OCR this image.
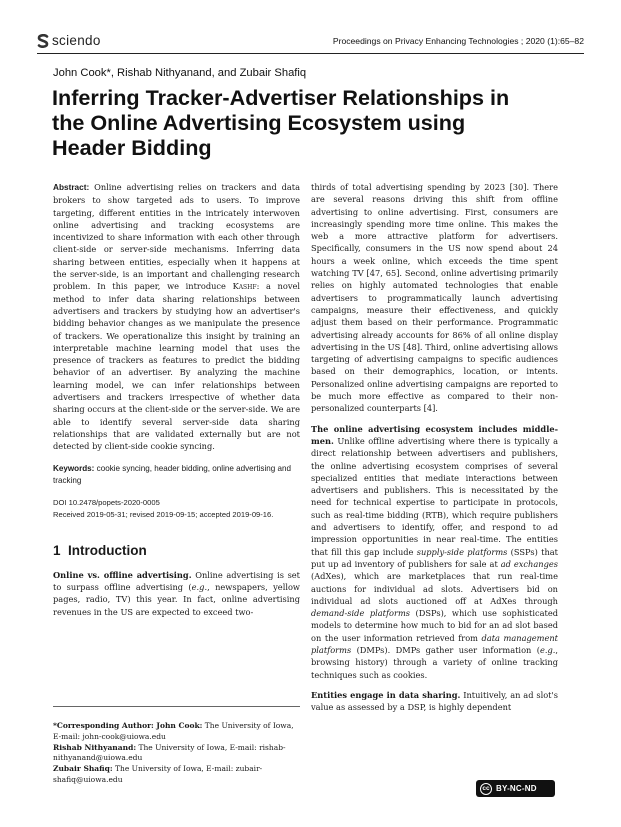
sciendo	Proceedings on Privacy Enhancing Technologies ; 2020 (1):65–82
John Cook*, Rishab Nithyanand, and Zubair Shafiq
Inferring Tracker-Advertiser Relationships in the Online Advertising Ecosystem using Header Bidding

Abstract: Online advertising relies on trackers and data brokers to show targeted ads to users. To improve targeting, different entities in the intricately interwoven online advertising and tracking ecosystems are incentivized to share information with each other through client-side or server-side mechanisms. Inferring data sharing between entities, especially when it happens at the server-side, is an important and challenging research problem. In this paper, we introduce Kashf: a novel method to infer data sharing relationships between advertisers and trackers by studying how an advertiser's bidding behavior changes as we manipulate the presence of trackers. We operationalize this insight by training an interpretable machine learning model that uses the presence of trackers as features to predict the bidding behavior of an advertiser. By analyzing the machine learning model, we can infer relationships between advertisers and trackers irrespective of whether data sharing occurs at the client-side or the server-side. We are able to identify several server-side data sharing relationships that are validated externally but are not detected by client-side cookie syncing.

Keywords: cookie syncing, header bidding, online advertising and tracking

DOI 10.2478/popets-2020-0005
Received 2019-05-31; revised 2019-09-15; accepted 2019-09-16.
1 Introduction

Online vs. offline advertising. Online advertising is set to surpass offline advertising (e.g., newspapers, yellow pages, radio, TV) this year. In fact, online advertising revenues in the US are expected to exceed two-

*Corresponding Author: John Cook: The University of Iowa, E-mail: john-cook@uiowa.edu

Rishab Nithyanand: The University of Iowa, E-mail: rishab-nithyanand@uiowa.edu

Zubair Shafiq: The University of Iowa, E-mail: zubair-shafiq@uiowa.edu

thirds of total advertising spending by 2023 [30]. There are several reasons driving this shift from offline advertising to online advertising. First, consumers are increasingly spending more time online. This makes the web a more attractive platform for advertisers. Specifically, consumers in the US now spend about 24 hours a week online, which exceeds the time spent watching TV [47, 65]. Second, online advertising primarily relies on highly automated technologies that enable advertisers to programmatically launch advertising campaigns, measure their effectiveness, and quickly adjust them based on their performance. Programmatic advertising already accounts for 86% of all online display advertising in the US [48]. Third, online advertising allows targeting of advertising campaigns to specific audiences based on their demographics, location, or intents. Personalized online advertising campaigns are reported to be much more effective as compared to their non-personalized counterparts [4].

The online advertising ecosystem includes middle-men. Unlike offline advertising where there is typically a direct relationship between advertisers and publishers, the online advertising ecosystem comprises of several specialized entities that mediate interactions between advertisers and publishers. This is necessitated by the need for technical expertise to participate in protocols, such as real-time bidding (RTB), which require publishers and advertisers to identify, offer, and respond to ad impression opportunities in near real-time. The entities that fill this gap include supply-side platforms (SSPs) that put up ad inventory of publishers for sale at ad exchanges (AdXes), which are marketplaces that run real-time auctions for individual ad slots. Advertisers bid on individual ad slots auctioned off at AdXes through demand-side platforms (DSPs), which use sophisticated models to determine how much to bid for an ad slot based on the user information retrieved from data management platforms (DMPs). DMPs gather user information (e.g., browsing history) through a variety of online tracking techniques such as cookies.

Entities engage in data sharing. Intuitively, an ad slot's value as assessed by a DSP, is highly dependent

cc BY-NC-ND
